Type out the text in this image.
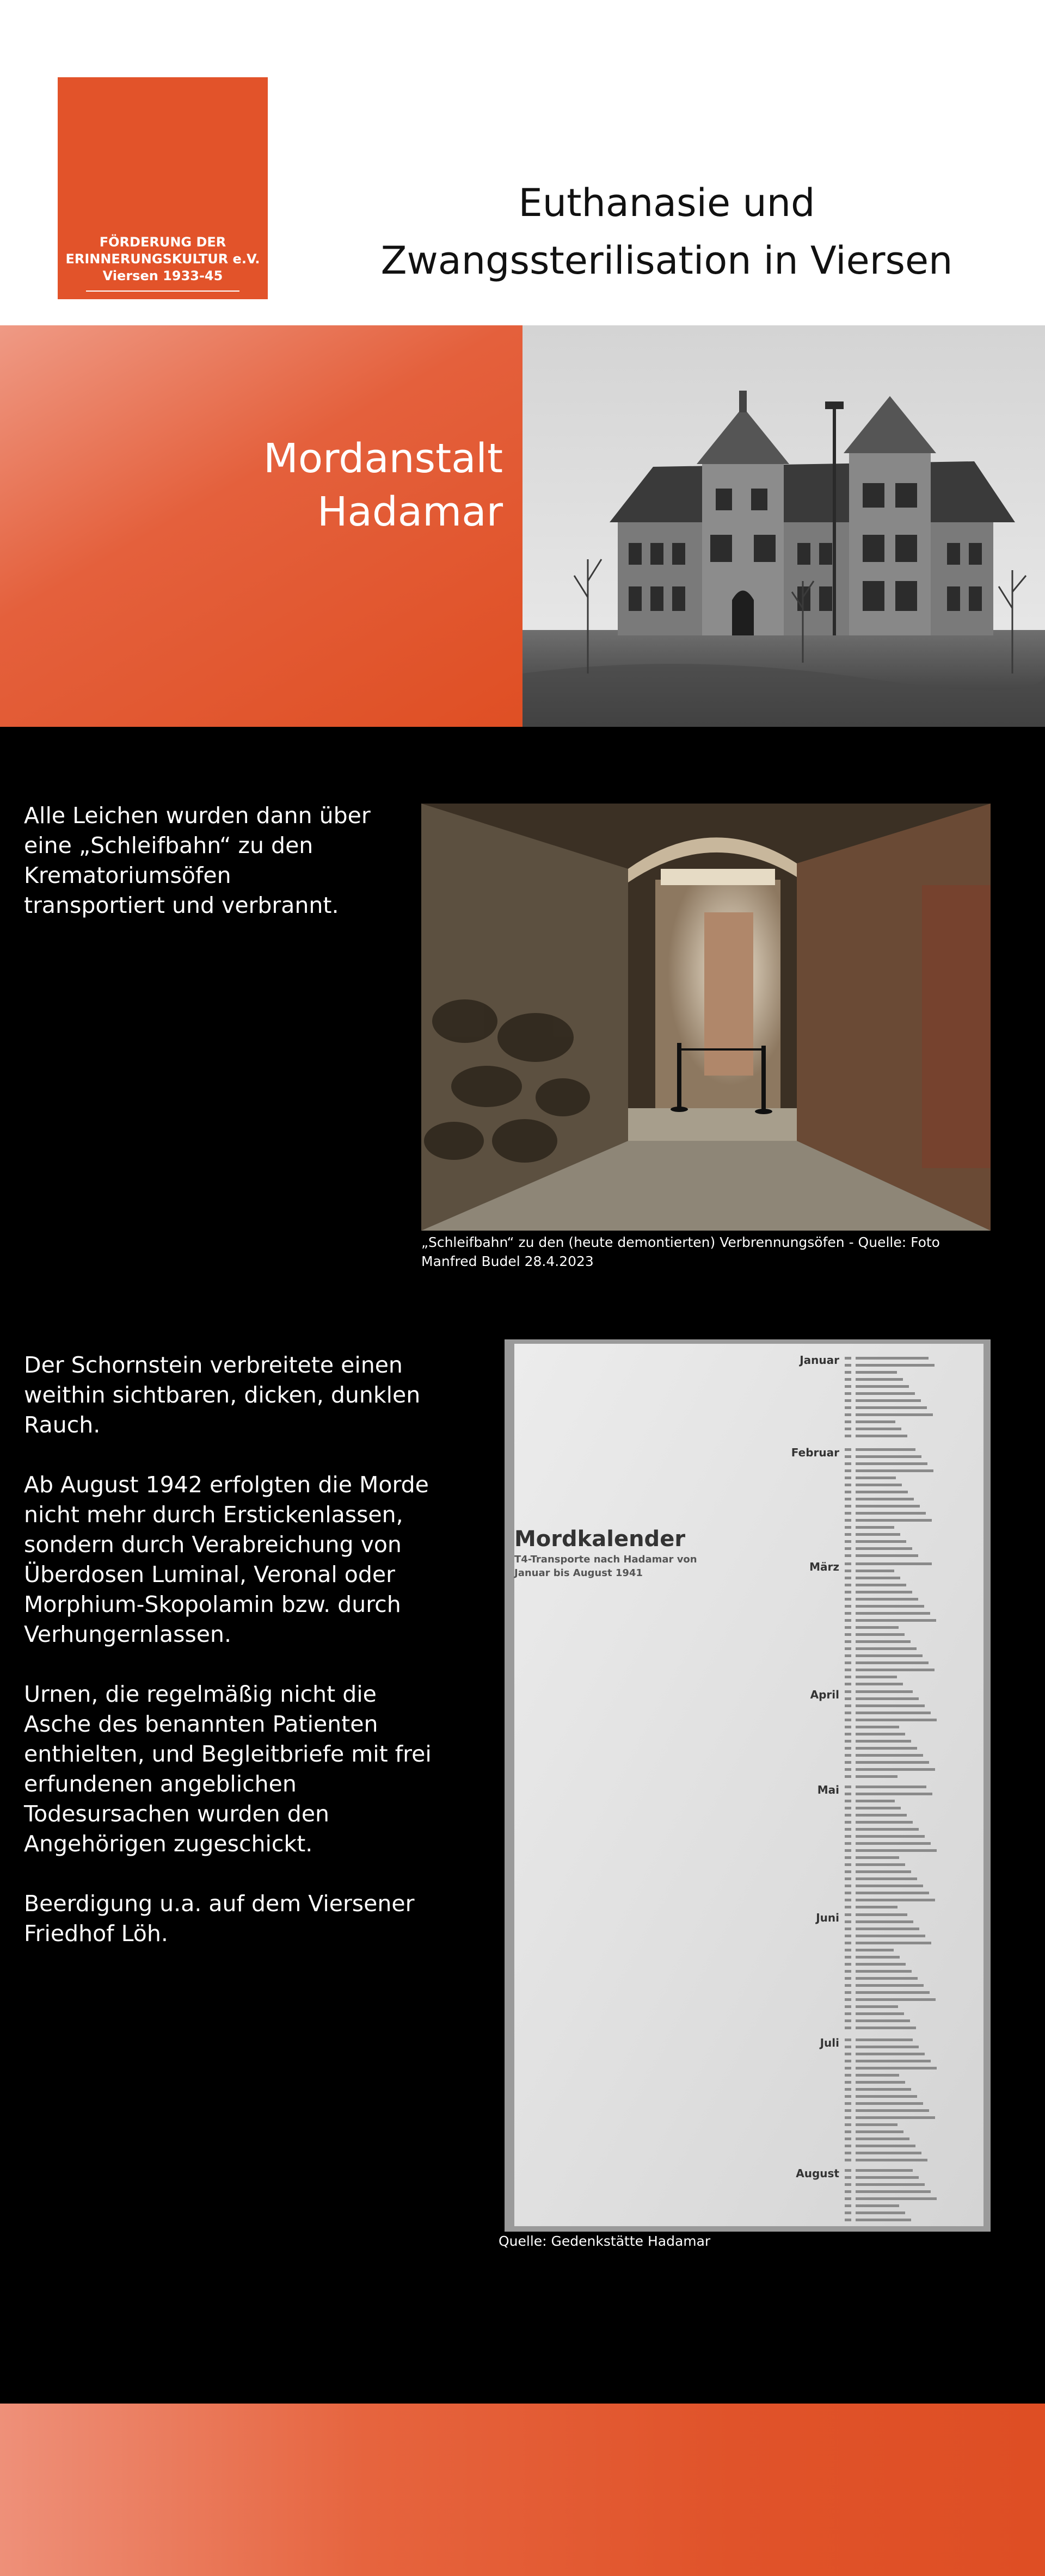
FÖRDERUNG DER
ERINNERUNGSKULTUR e.V.
Viersen 1933-45
Euthanasie und
Zwangssterilisation in Viersen
Mordanstalt
Hadamar
Alle Leichen wurden dann über eine „Schleifbahn“ zu den Krematoriumsöfen transportiert und verbrannt.
„Schleifbahn“ zu den (heute demontierten) Verbrennungsöfen - Quelle: Foto Manfred Budel 28.4.2023

Der Schornstein verbreitete einen weithin sichtbaren, dicken, dunklen Rauch.

Ab August 1942 erfolgten die Morde nicht mehr durch Erstickenlassen, sondern durch Verabreichung von Überdosen Luminal, Veronal oder Morphium-Skopolamin bzw. durch Verhungernlassen.

Urnen, die regelmäßig nicht die Asche des benannten Patienten enthielten, und Begleitbriefe mit frei erfundenen angeblichen Todesursachen wurden den Angehörigen zugeschickt.

Beerdigung u.a. auf dem Viersener Friedhof Löh.

Mordkalender
T4-Transporte nach Hadamar von
Januar bis August 1941
Januar
Februar
März
April
Mai
Juni
Juli
August
Quelle: Gedenkstätte Hadamar
